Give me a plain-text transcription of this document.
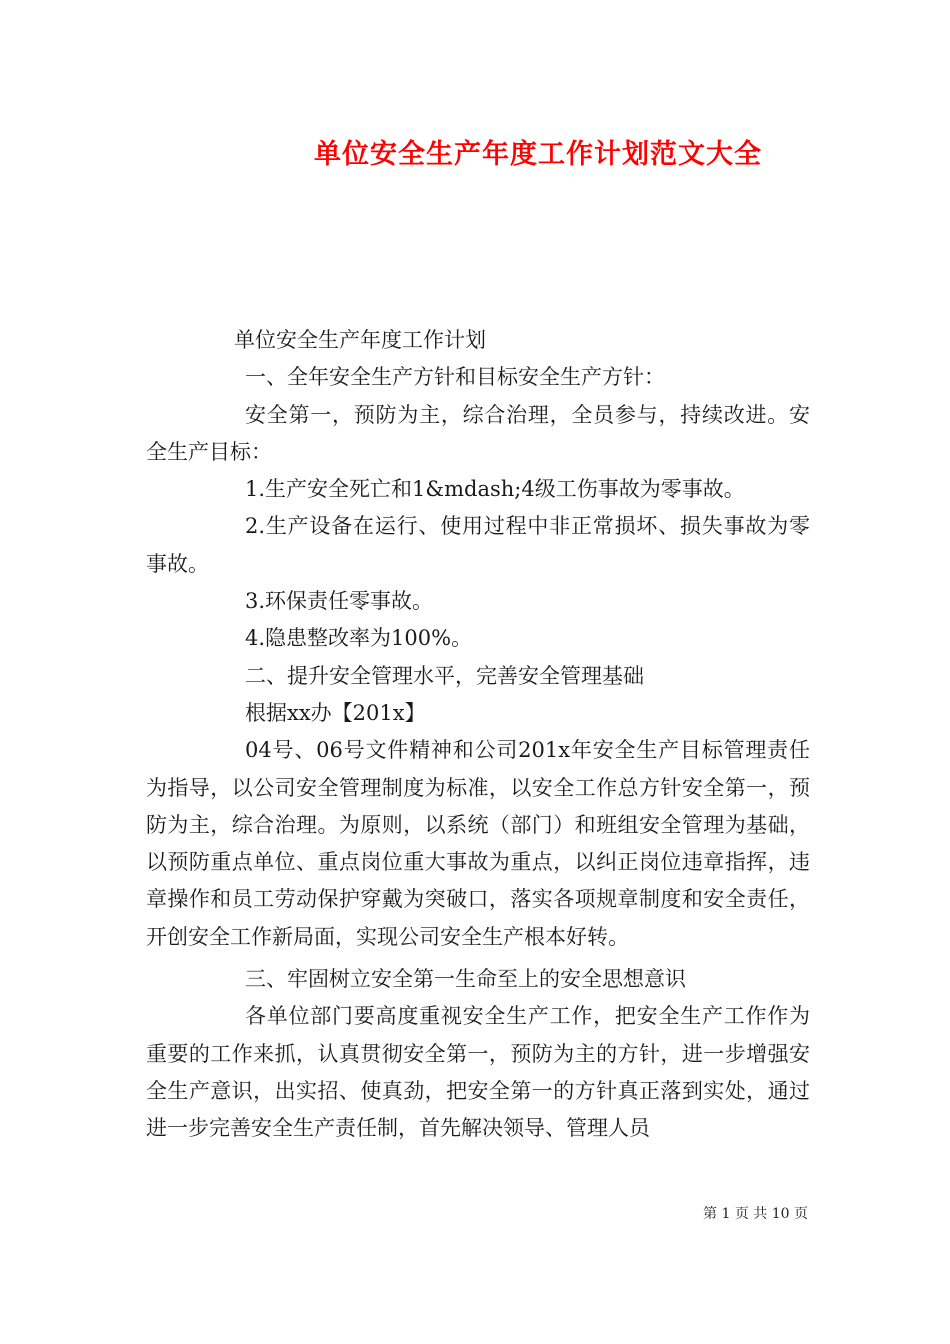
单位安全生产年度工作计划范文大全

单位安全生产年度工作计划

一、全年安全生产方针和目标安全生产方针：

安全第一，预防为主，综合治理，全员参与，持续改进。安全生产目标：

1.生产安全死亡和1&mdash;4级工伤事故为零事故。

2.生产设备在运行、使用过程中非正常损坏、损失事故为零事故。

3.环保责任零事故。

4.隐患整改率为100%。

二、提升安全管理水平，完善安全管理基础

根据xx办【201x】

04号、06号文件精神和公司201x年安全生产目标管理责任为指导，以公司安全管理制度为标准，以安全工作总方针安全第一，预防为主，综合治理。为原则，以系统（部门）和班组安全管理为基础，以预防重点单位、重点岗位重大事故为重点，以纠正岗位违章指挥，违章操作和员工劳动保护穿戴为突破口，落实各项规章制度和安全责任，开创安全工作新局面，实现公司安全生产根本好转。

三、牢固树立安全第一生命至上的安全思想意识

各单位部门要高度重视安全生产工作，把安全生产工作作为重要的工作来抓，认真贯彻安全第一，预防为主的方针，进一步增强安全生产意识，出实招、使真劲，把安全第一的方针真正落到实处，通过进一步完善安全生产责任制，首先解决领导、管理人员

第 1 页 共 10 页
